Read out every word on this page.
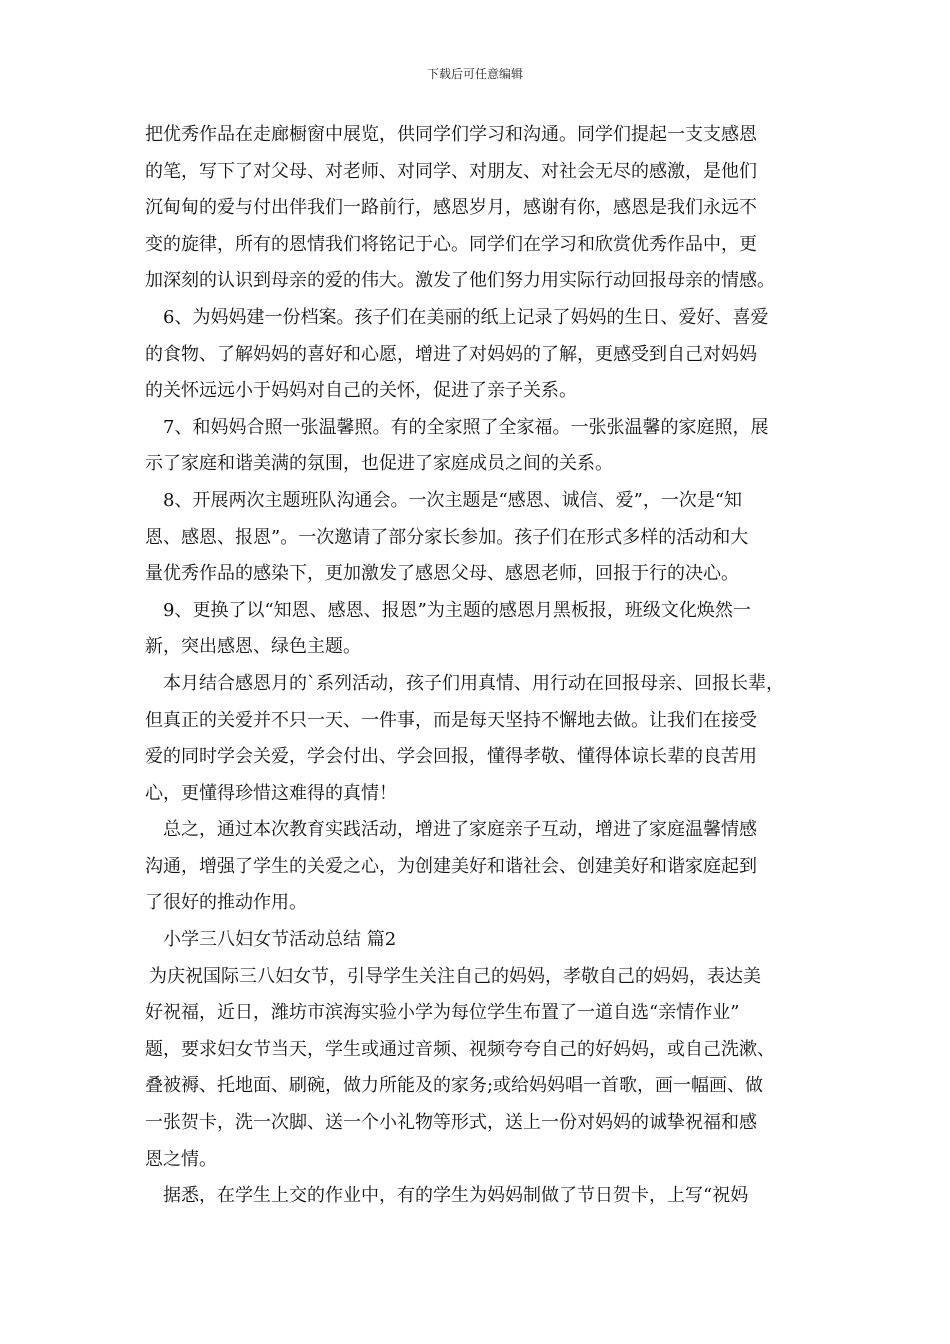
下载后可任意编辑
把优秀作品在走廊橱窗中展览，供同学们学习和沟通。同学们提起一支支感恩
的笔，写下了对父母、对老师、对同学、对朋友、对社会无尽的感激，是他们
沉甸甸的爱与付出伴我们一路前行，感恩岁月，感谢有你，感恩是我们永远不
变的旋律，所有的恩情我们将铭记于心。同学们在学习和欣赏优秀作品中，更
加深刻的认识到母亲的爱的伟大。激发了他们努力用实际行动回报母亲的情感。
6、为妈妈建一份档案。孩子们在美丽的纸上记录了妈妈的生日、爱好、喜爱
的食物、了解妈妈的喜好和心愿，增进了对妈妈的了解，更感受到自己对妈妈
的关怀远远小于妈妈对自己的关怀，促进了亲子关系。
7、和妈妈合照一张温馨照。有的全家照了全家福。一张张温馨的家庭照，展
示了家庭和谐美满的氛围，也促进了家庭成员之间的关系。
8、开展两次主题班队沟通会。一次主题是“感恩、诚信、爱”，一次是“知
恩、感恩、报恩”。一次邀请了部分家长参加。孩子们在形式多样的活动和大
量优秀作品的感染下，更加激发了感恩父母、感恩老师，回报于行的决心。
9、更换了以“知恩、感恩、报恩”为主题的感恩月黑板报，班级文化焕然一
新，突出感恩、绿色主题。
本月结合感恩月的`系列活动，孩子们用真情、用行动在回报母亲、回报长辈，
但真正的关爱并不只一天、一件事，而是每天坚持不懈地去做。让我们在接受
爱的同时学会关爱，学会付出、学会回报，懂得孝敬、懂得体谅长辈的良苦用
心，更懂得珍惜这难得的真情！
总之，通过本次教育实践活动，增进了家庭亲子互动，增进了家庭温馨情感
沟通，增强了学生的关爱之心，为创建美好和谐社会、创建美好和谐家庭起到
了很好的推动作用。
小学三八妇女节活动总结 篇2
为庆祝国际三八妇女节，引导学生关注自己的妈妈，孝敬自己的妈妈，表达美
好祝福，近日，潍坊市滨海实验小学为每位学生布置了一道自选“亲情作业”
题，要求妇女节当天，学生或通过音频、视频夸夸自己的好妈妈，或自己洗漱、
叠被褥、托地面、刷碗，做力所能及的家务;或给妈妈唱一首歌，画一幅画、做
一张贺卡，洗一次脚、送一个小礼物等形式，送上一份对妈妈的诚挚祝福和感
恩之情。
据悉，在学生上交的作业中，有的学生为妈妈制做了节日贺卡，上写“祝妈
